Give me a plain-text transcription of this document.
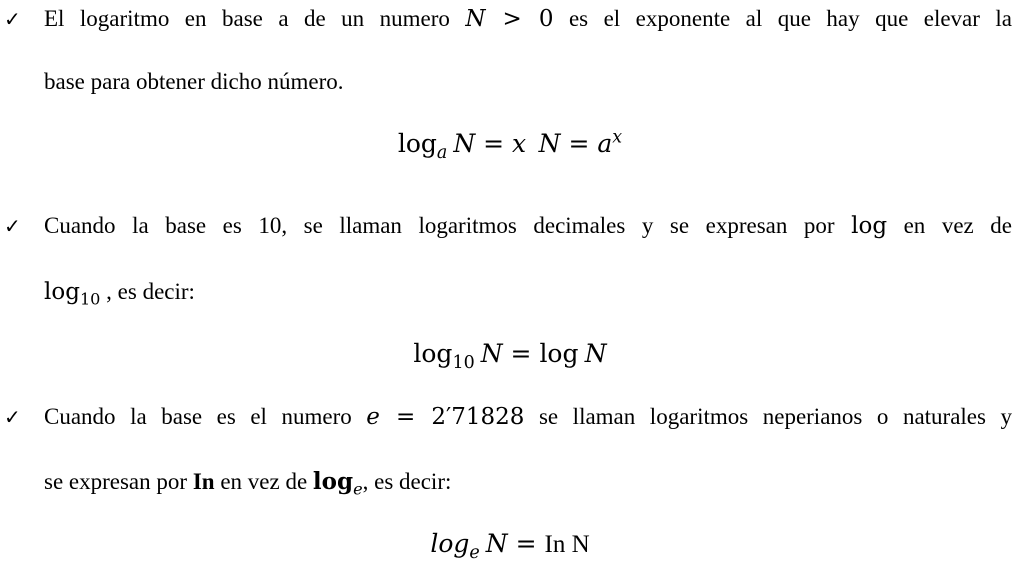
✓ El logaritmo en base a de un numero N > 0 es el exponente al que hay que elevar la
base para obtener dicho número.
$\log_a N = x$ $N = a^x$
✓ Cuando la base es 10, se llaman logaritmos decimales y se expresan por log en vez de
$\log_{10}$ , es decir:
$\log_{10} N = \log N$
✓ Cuando la base es el numero e = 2′71828 se llaman logaritmos neperianos o naturales y
se expresan por In en vez de $\log_e$, es decir:
$\log_e N = In$ N
